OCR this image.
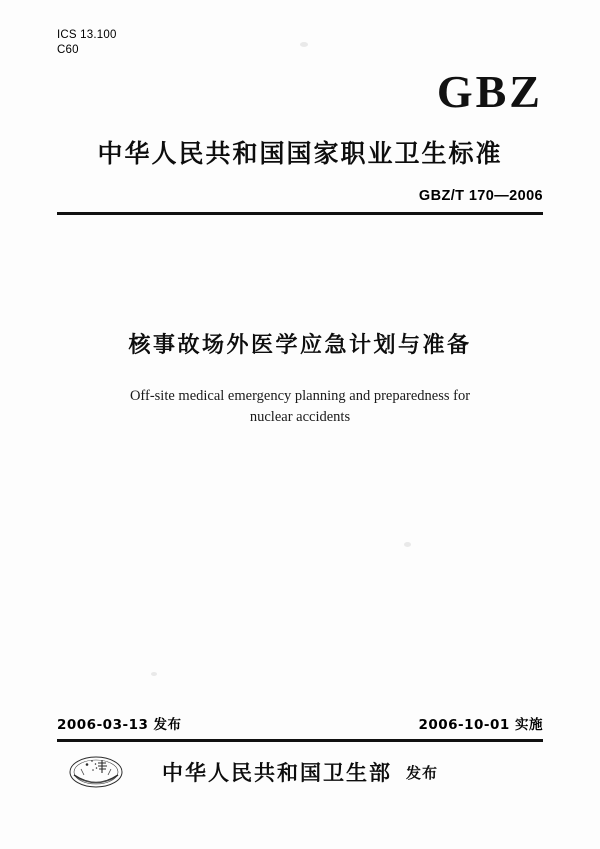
ICS 13.100
C60
GBZ
中华人民共和国国家职业卫生标准
GBZ/T 170—2006
核事故场外医学应急计划与准备
Off-site medical emergency planning and preparedness for
nuclear accidents
2006-03-13 发布	2006-10-01 实施
中华人民共和国卫生部 发布
